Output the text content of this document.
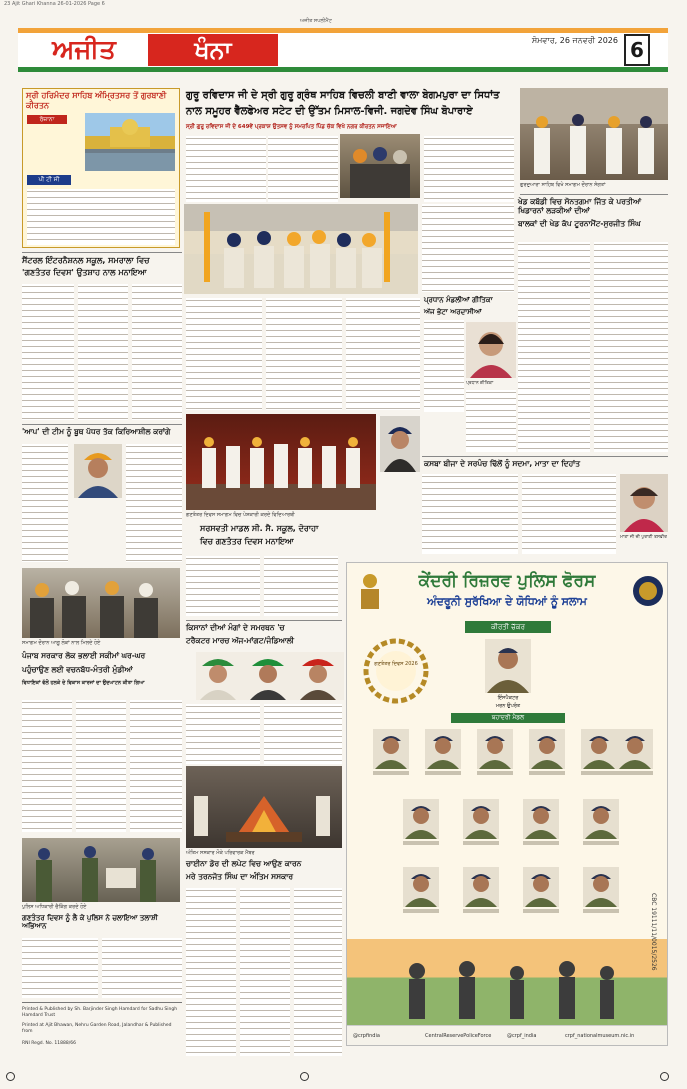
23 Ajit Ghari Khanna 26-01-2026 Page 6
ਅਜੀਤ ਸਪਲੀਮੈਂਟ
ਅਜੀਤ	ਖੰਨਾ	ਸੋਮਵਾਰ, 26 ਜਨਵਰੀ 2026 6
ਸ੍ਰੀ ਹਰਿਮੰਦਰ ਸਾਹਿਬ ਅੰਮ੍ਰਿਤਸਰ ਤੋਂ ਗੁਰਬਾਣੀ ਕੀਰਤਨ
ਰੋਜ਼ਾਨਾ
ਪੀ ਟੀ ਸੀ
ਗੁਰੂ ਰਵਿਦਾਸ ਜੀ ਦੇ ਸ੍ਰੀ ਗੁਰੂ ਗ੍ਰੰਥ ਸਾਹਿਬ ਵਿਚਲੀ ਬਾਣੀ ਵਾਲਾ ਬੇਗਮਪੁਰਾ ਦਾ ਸਿਧਾਂਤ
ਨਾਲ ਸਮੂਹਰ ਵੈੱਲਫੇਅਰ ਸਟੇਟ ਦੀ ਉੱਤਮ ਮਿਸਾਲ-ਵਿਜੀ. ਜਗਦੇਵ ਸਿੰਘ ਬੋਪਾਰਾਏ
ਸ੍ਰੀ ਗੁਰੂ ਰਵਿਦਾਸ ਜੀ ਦੇ 649ਵੇਂ ਪ੍ਰਕਾਸ਼ ਉਤਸਵ ਨੂੰ ਸਮਰਪਿਤ ਪਿੰਡ ਚੱਕ ਵਿਖੇ ਨਗਰ ਕੀਰਤਨ ਸਜਾਇਆ
ਗੁਰਦੁਆਰਾ ਸਾਹਿਬ ਵਿਖੇ ਸਮਾਗਮ ਦੌਰਾਨ ਸੰਗਤਾਂ
ਖੇਡ ਕਬੱਡੀ ਵਿਚ ਸੋਨਤਗਮਾ ਜਿੱਤ ਕੇ ਪਰਤੀਆਂ ਖਿਡਾਰਨਾਂ ਲੜਕੀਆਂ ਦੀਆਂ
ਬਾਲਕਾਂ ਦੀ ਖੇਡ ਕੱਪ ਟੂਰਨਾਮੈਂਟ-ਸੁਰਜੀਤ ਸਿੰਘ
ਸੈਂਟਰਲ ਇੰਟਰਨੈਸ਼ਨਲ ਸਕੂਲ, ਸਮਰਾਲਾ ਵਿਚ
'ਗਣਤੰਤਰ ਦਿਵਸ' ਉਤਸ਼ਾਹ ਨਾਲ ਮਨਾਇਆ
ਪ੍ਰਧਾਨ ਮੰਡਲੀਆਂ ਗੀਤਿਕਾ
ਅੱਜ ਭੇਟਾ ਅਰਦਾਸੀਆਂ
ਪ੍ਰਧਾਨ ਗੀਤਿਕਾ
'ਆਪ' ਦੀ ਟੀਮ ਨੂੰ ਬੂਥ ਪੱਧਰ ਤੱਕ ਕਿਰਿਆਸ਼ੀਲ ਕਰਾਂਗੇ
ਗਣਤੰਤਰ ਦਿਵਸ ਸਮਾਗਮ ਵਿਚ ਪੇਸ਼ਕਾਰੀ ਕਰਦੇ ਵਿਦਿਆਰਥੀ
ਸਰਸਵਤੀ ਮਾਡਲ ਸੀ. ਸੈ. ਸਕੂਲ, ਦੋਰਾਹਾ
ਵਿਚ ਗਣਤੰਤਰ ਦਿਵਸ ਮਨਾਇਆ
ਕਸਬਾ ਬੀਜਾ ਦੇ ਸਰਪੰਚ ਢਿੱਲੋਂ ਨੂੰ ਸਦਮਾ, ਮਾਤਾ ਦਾ ਦਿਹਾਂਤ
ਮਾਤਾ ਜੀ ਦੀ ਪੁਰਾਣੀ ਤਸਵੀਰ
ਸਮਾਗਮ ਦੌਰਾਨ ਆਗੂ ਲੋਕਾਂ ਨਾਲ ਮਿਲਦੇ ਹੋਏ
ਪੰਜਾਬ ਸਰਕਾਰ ਲੋਕ ਭਲਾਈ ਸਕੀਮਾਂ ਘਰ-ਘਰ
ਪਹੁੰਚਾਉਣ ਲਈ ਵਚਨਬੱਧ-ਮੰਤਰੀ ਮੁੰਡੀਆਂ
ਵਿਧਾਇਕਾਂ ਵੱਲੋਂ ਹਲਕੇ ਦੇ ਵਿਕਾਸ ਕਾਰਜਾਂ ਦਾ ਉਦਘਾਟਨ ਕੀਤਾ ਗਿਆ
ਕਿਸਾਨਾਂ ਦੀਆਂ ਮੰਗਾਂ ਦੇ ਸਮਰਥਨ 'ਚ
ਟਰੈਕਟਰ ਮਾਰਚ ਅੱਜ-ਮਾਂਗਟ/ਜੰਡਿਆਲੀ
ਅੰਤਿਮ ਸਸਕਾਰ ਮੌਕੇ ਪਰਿਵਾਰਕ ਮੈਂਬਰ
ਚਾਈਨਾ ਡੋਰ ਦੀ ਲਪੇਟ ਵਿਚ ਆਉਣ ਕਾਰਨ
ਮਰੇ ਤਰਨਜੋਤ ਸਿੰਘ ਦਾ ਅੰਤਿਮ ਸਸਕਾਰ
ਪੁਲਿਸ ਅਧਿਕਾਰੀ ਚੈਕਿੰਗ ਕਰਦੇ ਹੋਏ
ਗਣਤੰਤਰ ਦਿਵਸ ਨੂੰ ਲੈ ਕੇ ਪੁਲਿਸ ਨੇ ਚਲਾਇਆ ਤਲਾਸ਼ੀ ਅਭਿਆਨ
Printed & Published by Sh. Barjinder Singh Hamdard for Sadhu Singh Hamdard Trust
Printed at Ajit Bhawan, Nehru Garden Road, Jalandhar & Published from
RNI Regd. No. 11888/66
ਕੇਂਦਰੀ ਰਿਜ਼ਰਵ ਪੁਲਿਸ ਫੋਰਸ
ਅੰਦਰੂਨੀ ਸੁਰੱਖਿਆ ਦੇ ਯੋਧਿਆਂ ਨੂੰ ਸਲਾਮ
ਕੀਰਤੀ ਚੱਕਰ
ਗਣਤੰਤਰ ਦਿਵਸ 2026
ਇੰਸਪੈਕਟਰ
ਮਰਨ ਉਪਰੰਤ
ਬਹਾਦਰੀ ਮੈਡਲ
CBC 19111/11/0015/2526
@crpfindia	CentralReservePoliceForce	@crpf_india	crpf_nationalmuseum.nic.in
